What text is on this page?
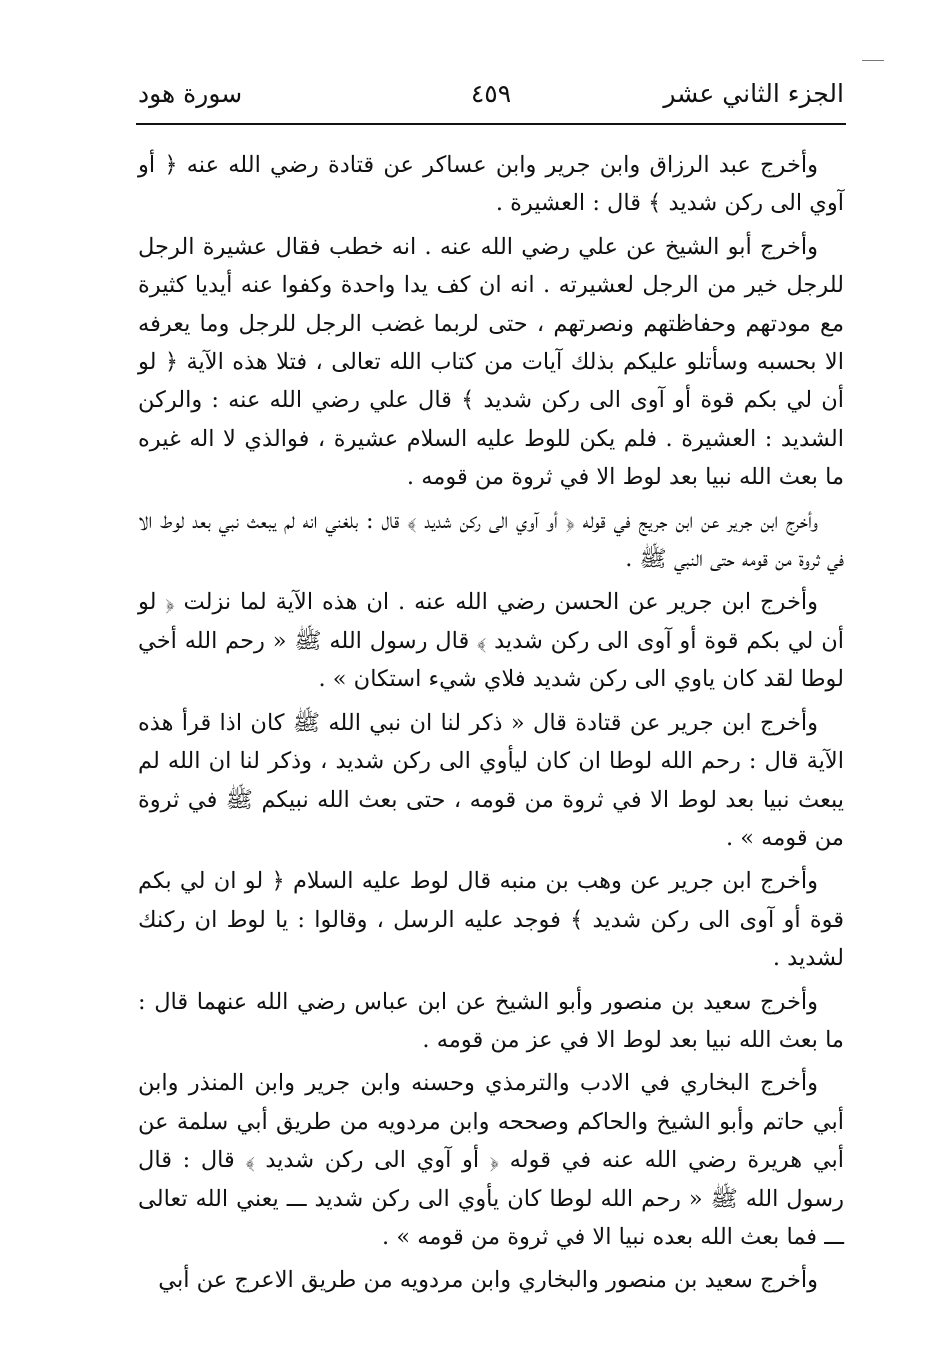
الجزء الثاني عشر
٤٥٩
سورة هود

وأخرج عبد الرزاق وابن جرير وابن عساكر عن قتادة رضي الله عنه ﴿ أو آوي الى ركن شديد ﴾ قال : العشيرة .

وأخرج أبو الشيخ عن علي رضي الله عنه . انه خطب فقال عشيرة الرجل للرجل خير من الرجل لعشيرته . انه ان كف يدا واحدة وكفوا عنه أيديا كثيرة مع مودتهم وحفاظتهم ونصرتهم ، حتى لربما غضب الرجل للرجل وما يعرفه الا بحسبه وسأتلو عليكم بذلك آيات من كتاب الله تعالى ، فتلا هذه الآية ﴿ لو أن لي بكم قوة أو آوى الى ركن شديد ﴾ قال علي رضي الله عنه : والركن الشديد : العشيرة . فلم يكن للوط عليه السلام عشيرة ، فوالذي لا اله غيره ما بعث الله نبيا بعد لوط الا في ثروة من قومه .

وأخرج ابن جرير عن ابن جريج في قوله ﴿ أو آوي الى ركن شديد ﴾ قال : بلغني انه لم يبعث نبي بعد لوط الا في ثروة من قومه حتى النبي ﷺ .

وأخرج ابن جرير عن الحسن رضي الله عنه . ان هذه الآية لما نزلت ﴿ لو أن لي بكم قوة أو آوى الى ركن شديد ﴾ قال رسول الله ﷺ « رحم الله أخي لوطا لقد كان ياوي الى ركن شديد فلاي شيء استكان » .

وأخرج ابن جرير عن قتادة قال « ذكر لنا ان نبي الله ﷺ كان اذا قرأ هذه الآية قال : رحم الله لوطا ان كان ليأوي الى ركن شديد ، وذكر لنا ان الله لم يبعث نبيا بعد لوط الا في ثروة من قومه ، حتى بعث الله نبيكم ﷺ في ثروة من قومه » .

وأخرج ابن جرير عن وهب بن منبه قال لوط عليه السلام ﴿ لو ان لي بكم قوة أو آوى الى ركن شديد ﴾ فوجد عليه الرسل ، وقالوا : يا لوط ان ركنك لشديد .

وأخرج سعيد بن منصور وأبو الشيخ عن ابن عباس رضي الله عنهما قال : ما بعث الله نبيا بعد لوط الا في عز من قومه .

وأخرج البخاري في الادب والترمذي وحسنه وابن جرير وابن المنذر وابن أبي حاتم وأبو الشيخ والحاكم وصححه وابن مردويه من طريق أبي سلمة عن أبي هريرة رضي الله عنه في قوله ﴿ أو آوي الى ركن شديد ﴾ قال : قال رسول الله ﷺ « رحم الله لوطا كان يأوي الى ركن شديد ـــ يعني الله تعالى ـــ فما بعث الله بعده نبيا الا في ثروة من قومه » .

وأخرج سعيد بن منصور والبخاري وابن مردويه من طريق الاعرج عن أبي
